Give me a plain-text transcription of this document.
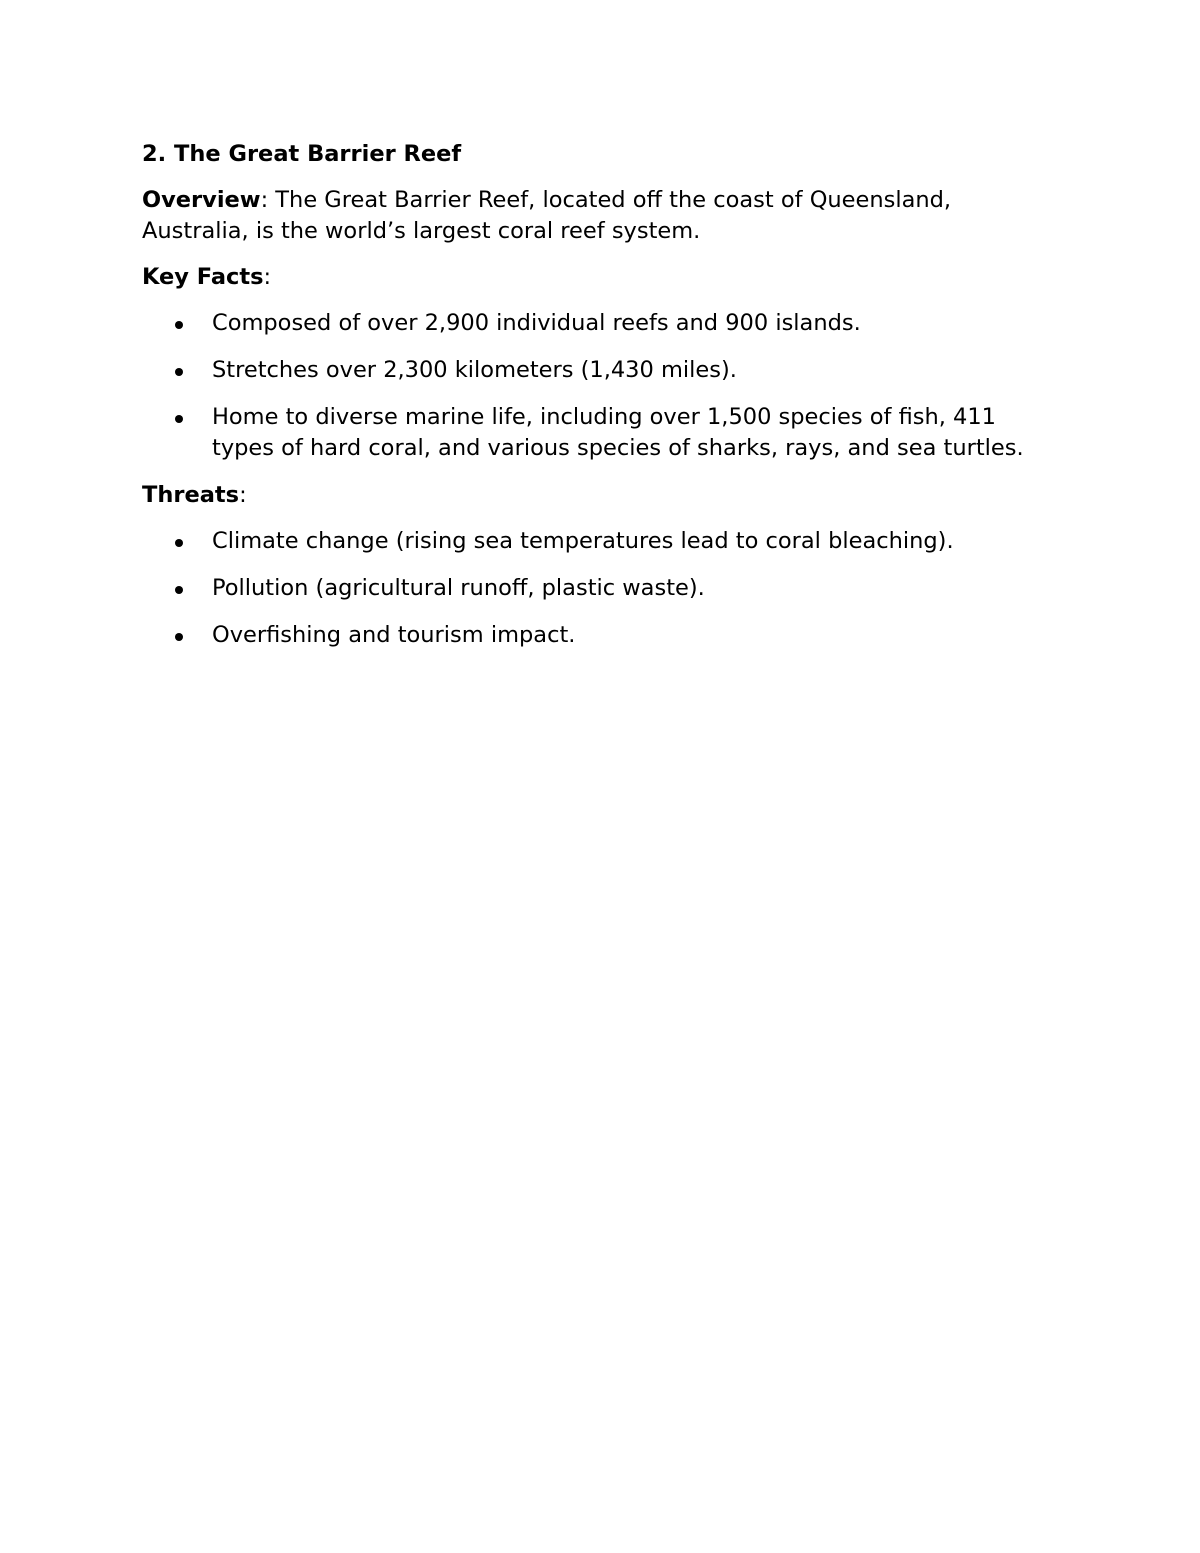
2. The Great Barrier Reef
Overview: The Great Barrier Reef, located off the coast of Queensland, Australia, is the world’s largest coral reef system.
Key Facts:
Composed of over 2,900 individual reefs and 900 islands.
Stretches over 2,300 kilometers (1,430 miles).
Home to diverse marine life, including over 1,500 species of fish, 411 types of hard coral, and various species of sharks, rays, and sea turtles.
Threats:
Climate change (rising sea temperatures lead to coral bleaching).
Pollution (agricultural runoff, plastic waste).
Overfishing and tourism impact.
